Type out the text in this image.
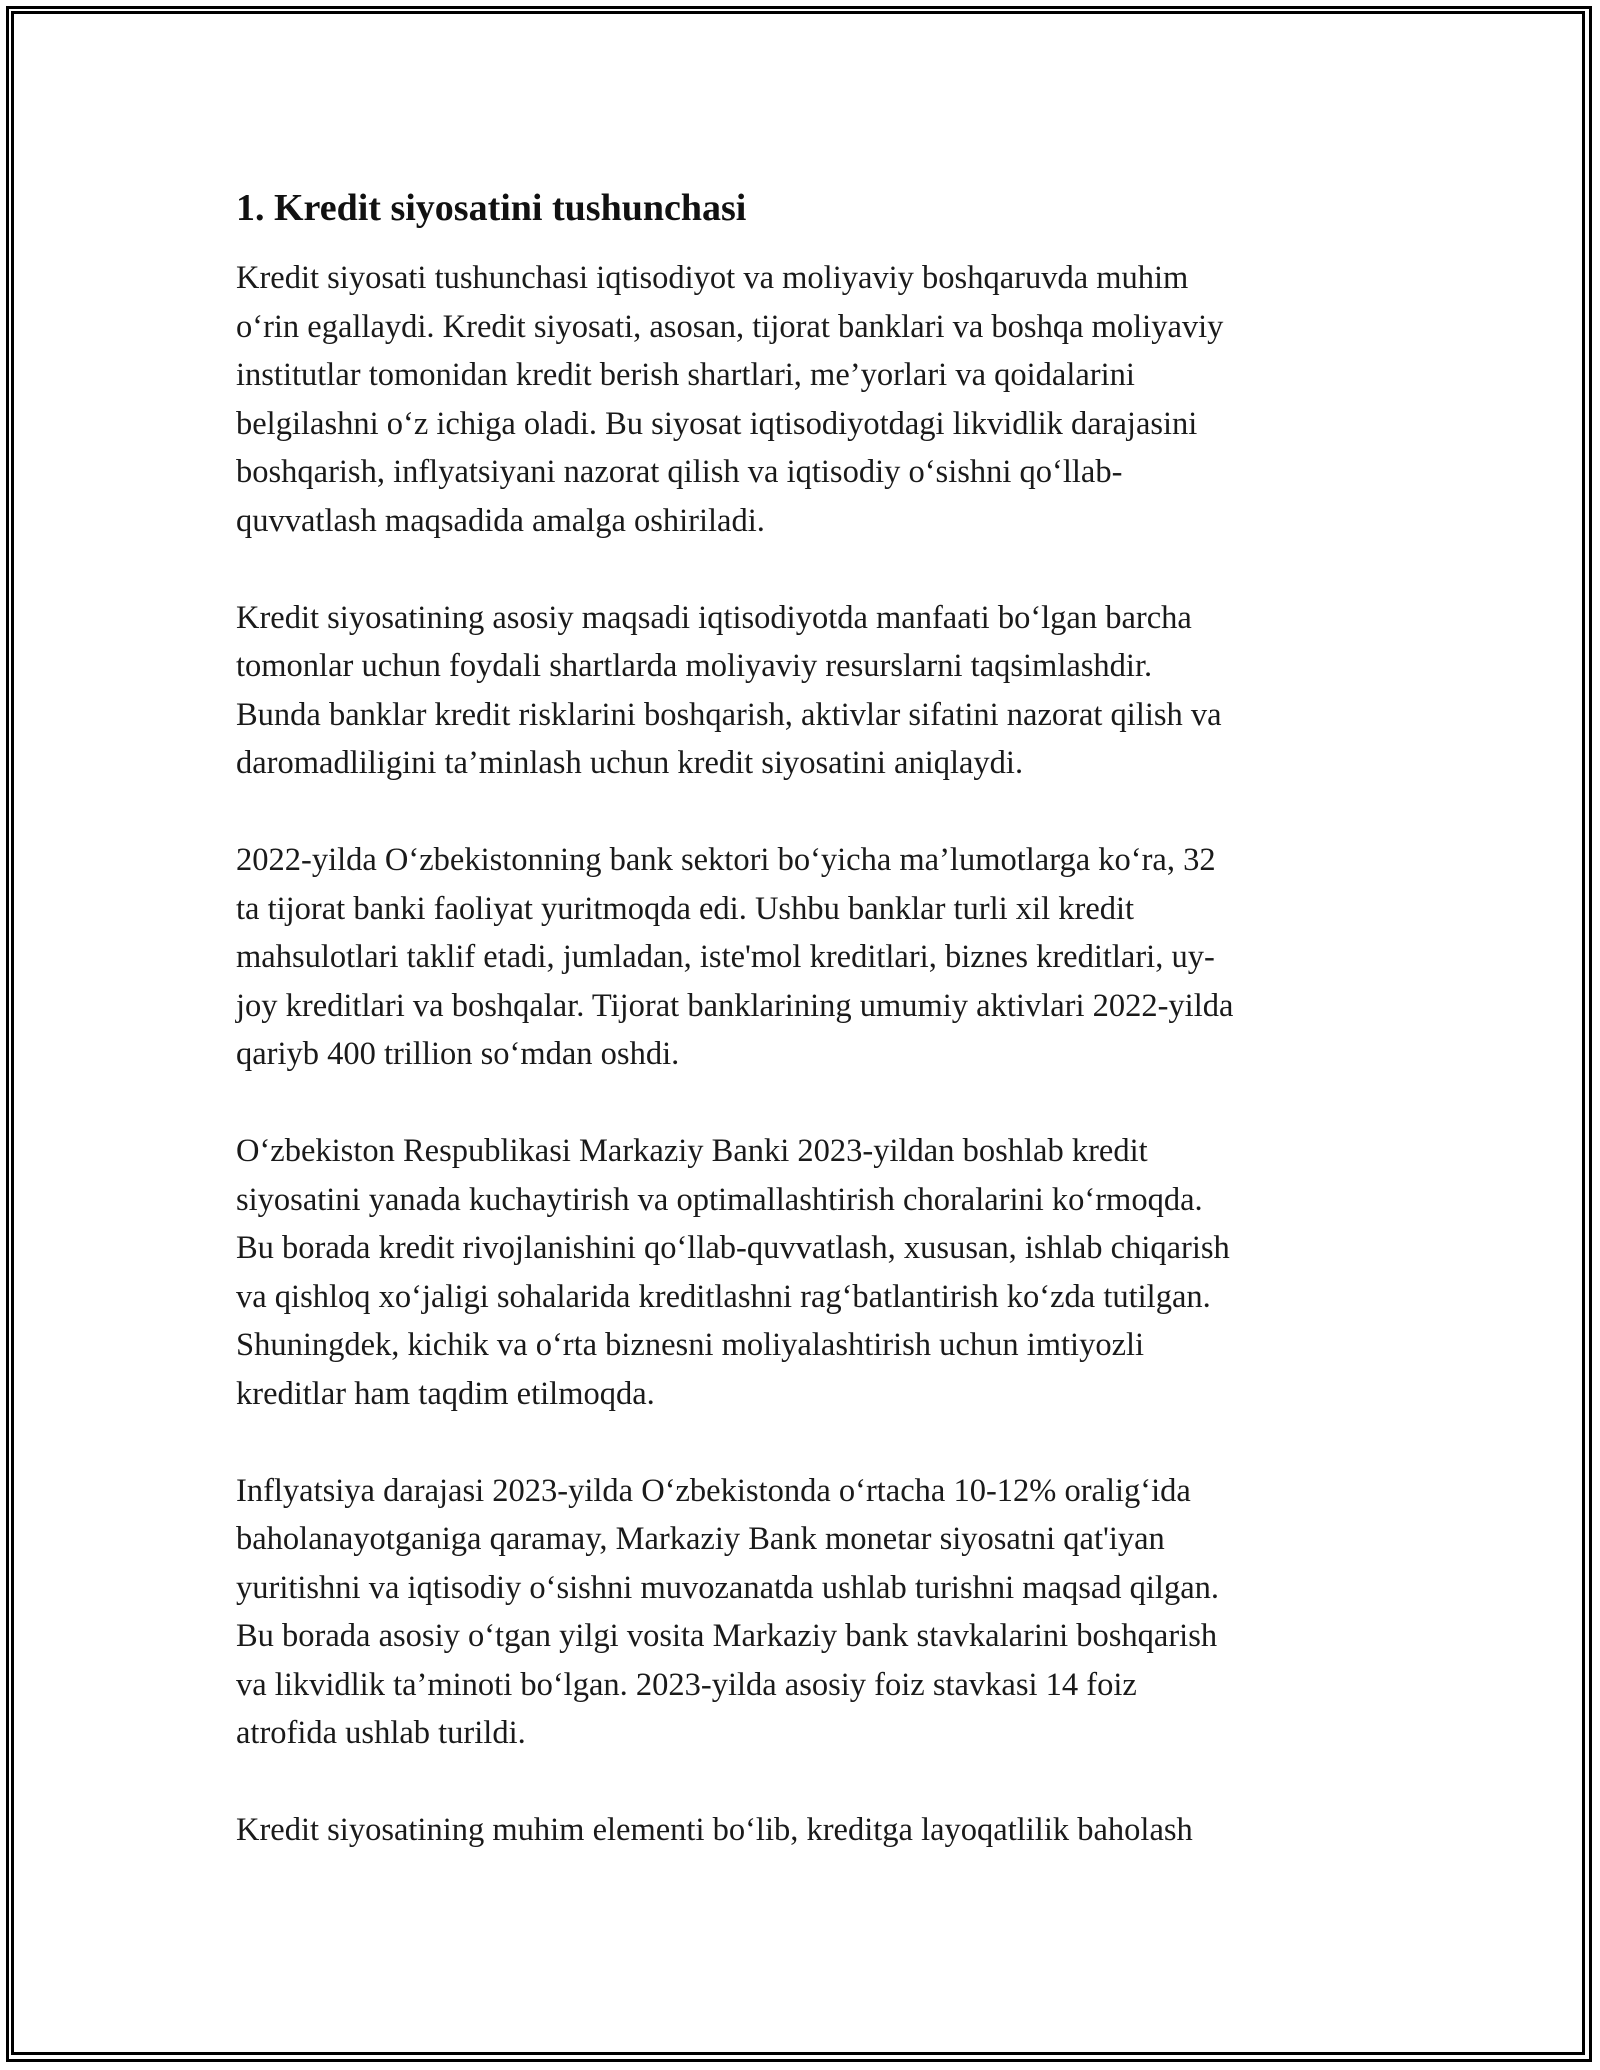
1. Kredit siyosatini tushunchasi

Kredit siyosati tushunchasi iqtisodiyot va moliyaviy boshqaruvda muhim
o‘rin egallaydi. Kredit siyosati, asosan, tijorat banklari va boshqa moliyaviy
institutlar tomonidan kredit berish shartlari, me’yorlari va qoidalarini
belgilashni o‘z ichiga oladi. Bu siyosat iqtisodiyotdagi likvidlik darajasini
boshqarish, inflyatsiyani nazorat qilish va iqtisodiy o‘sishni qo‘llab-
quvvatlash maqsadida amalga oshiriladi.

Kredit siyosatining asosiy maqsadi iqtisodiyotda manfaati bo‘lgan barcha
tomonlar uchun foydali shartlarda moliyaviy resurslarni taqsimlashdir.
Bunda banklar kredit risklarini boshqarish, aktivlar sifatini nazorat qilish va
daromadliligini ta’minlash uchun kredit siyosatini aniqlaydi.

2022-yilda O‘zbekistonning bank sektori bo‘yicha ma’lumotlarga ko‘ra, 32
ta tijorat banki faoliyat yuritmoqda edi. Ushbu banklar turli xil kredit
mahsulotlari taklif etadi, jumladan, iste'mol kreditlari, biznes kreditlari, uy-
joy kreditlari va boshqalar. Tijorat banklarining umumiy aktivlari 2022-yilda
qariyb 400 trillion so‘mdan oshdi.

O‘zbekiston Respublikasi Markaziy Banki 2023-yildan boshlab kredit
siyosatini yanada kuchaytirish va optimallashtirish choralarini ko‘rmoqda.
Bu borada kredit rivojlanishini qo‘llab-quvvatlash, xususan, ishlab chiqarish
va qishloq xo‘jaligi sohalarida kreditlashni rag‘batlantirish ko‘zda tutilgan.
Shuningdek, kichik va o‘rta biznesni moliyalashtirish uchun imtiyozli
kreditlar ham taqdim etilmoqda.

Inflyatsiya darajasi 2023-yilda O‘zbekistonda o‘rtacha 10-12% oralig‘ida
baholanayotganiga qaramay, Markaziy Bank monetar siyosatni qat'iyan
yuritishni va iqtisodiy o‘sishni muvozanatda ushlab turishni maqsad qilgan.
Bu borada asosiy o‘tgan yilgi vosita Markaziy bank stavkalarini boshqarish
va likvidlik ta’minoti bo‘lgan. 2023-yilda asosiy foiz stavkasi 14 foiz
atrofida ushlab turildi.

Kredit siyosatining muhim elementi bo‘lib, kreditga layoqatlilik baholash
